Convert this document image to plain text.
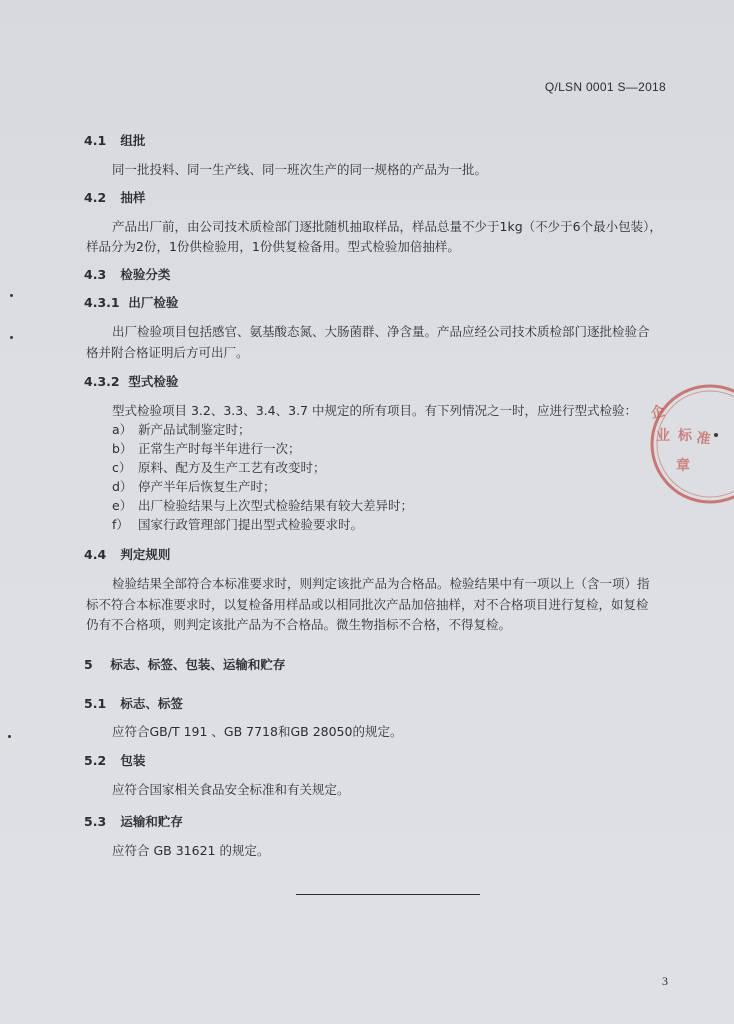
Q/LSN 0001 S—2018
4.1 组批
同一批投料、同一生产线、同一班次生产的同一规格的产品为一批。
4.2 抽样
产品出厂前，由公司技术质检部门逐批随机抽取样品，样品总量不少于1kg（不少于6个最小包装），
样品分为2份，1份供检验用，1份供复检备用。型式检验加倍抽样。
4.3 检验分类
4.3.1 出厂检验
出厂检验项目包括感官、氨基酸态氮、大肠菌群、净含量。产品应经公司技术质检部门逐批检验合
格并附合格证明后方可出厂。
4.3.2 型式检验
型式检验项目 3.2、3.3、3.4、3.7 中规定的所有项目。有下列情况之一时，应进行型式检验：
a） 新产品试制鉴定时；
b） 正常生产时每半年进行一次；
c） 原料、配方及生产工艺有改变时；
d） 停产半年后恢复生产时；
e） 出厂检验结果与上次型式检验结果有较大差异时；
f） 国家行政管理部门提出型式检验要求时。
4.4 判定规则
检验结果全部符合本标准要求时，则判定该批产品为合格品。检验结果中有一项以上（含一项）指
标不符合本标准要求时，以复检备用样品或以相同批次产品加倍抽样，对不合格项目进行复检，如复检
仍有不合格项，则判定该批产品为不合格品。微生物指标不合格，不得复检。
5 标志、标签、包装、运输和贮存
5.1 标志、标签
应符合GB/T 191 、GB 7718和GB 28050的规定。
5.2 包装
应符合国家相关食品安全标准和有关规定。
5.3 运输和贮存
应符合 GB 31621 的规定。
3
企
业 标 准
章
